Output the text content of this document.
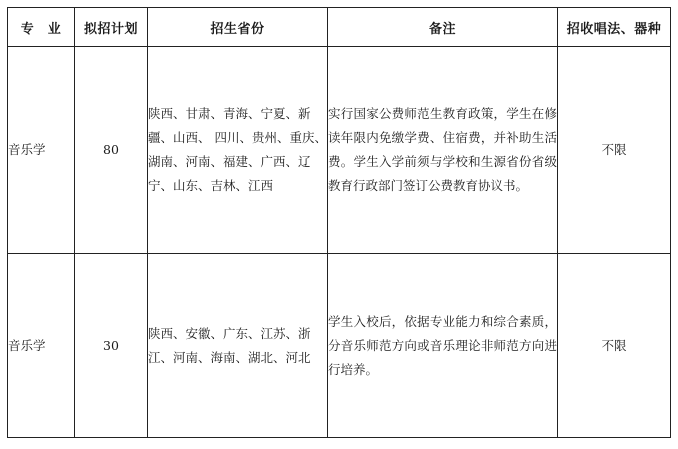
专　业	拟招计划	招生省份	备注	招收唱法、器种
音乐学	80	陕西、甘肃、青海、宁夏、新疆、山西、 四川、贵州、重庆、湖南、河南、福建、广西、辽宁、山东、吉林、江西	实行国家公费师范生教育政策，学生在修读年限内免缴学费、住宿费，并补助生活费。学生入学前须与学校和生源省份省级教育行政部门签订公费教育协议书。	不限
音乐学	30	陕西、安徽、广东、江苏、浙江、河南、海南、湖北、河北	学生入校后，依据专业能力和综合素质，分音乐师范方向或音乐理论非师范方向进行培养。	不限
